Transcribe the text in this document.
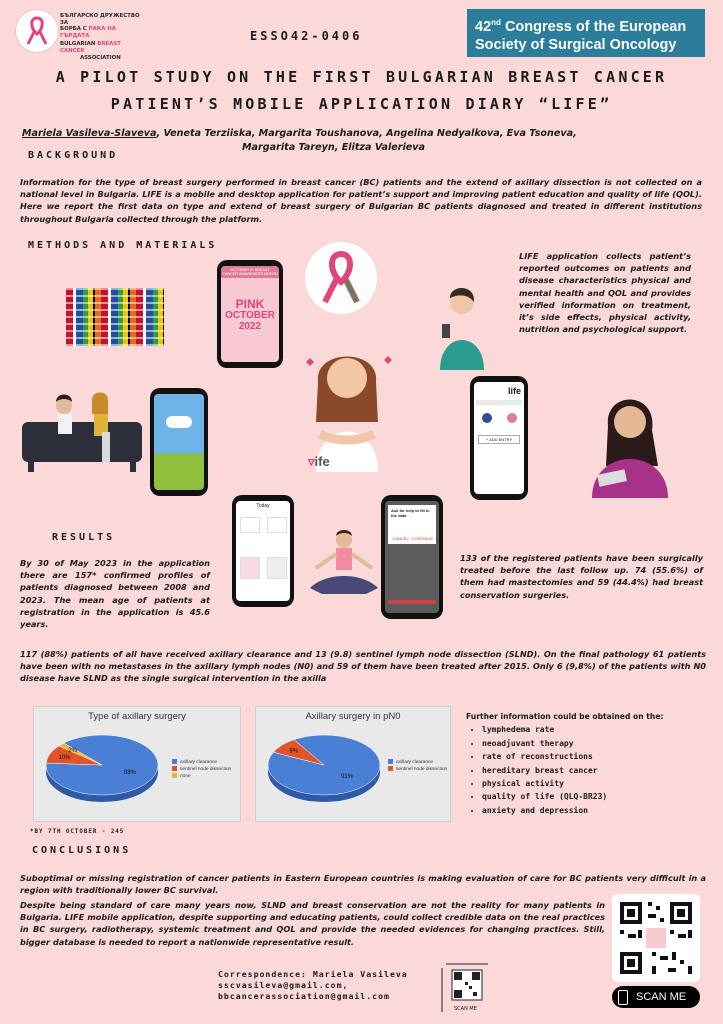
БЪЛГАРСКО ДРУЖЕСТВО ЗА
БОРБА С РАКА НА ГЪРДАТА
BULGARIAN BREAST CANCER
ASSOCIATION
ESSO42-0406
42nd Congress of the European
Society of Surgical Oncology
A PILOT STUDY ON THE FIRST BULGARIAN BREAST CANCER
PATIENT’S MOBILE APPLICATION DIARY “LIFE”
Mariela Vasileva-Slaveva, Veneta Terziiska, Margarita Toushanova, Angelina Nedyalkova, Eva Tsoneva,
Margarita Tareyn, Elitza Valerieva
BACKGROUND
Information for the type of breast surgery performed in breast cancer (BC) patients and the extend of axillary dissection is not collected on a national level in Bulgaria. LIFE is a mobile and desktop application for patient’s support and improving patient education and quality of life (QOL). Here we report the first data on type and extend of breast surgery of Bulgarian BC patients diagnosed and treated in different institutions throughout Bulgaria collected through the platform.
METHODS AND MATERIALS
OCTOBER IS BREAST CANCER AWARENESS MONTH
PINK
OCTOBER
2022
LIFE application collects patient’s reported outcomes on patients and disease characteristics physical and mental health and QOL and provides verified information on treatment, it’s side effects, physical activity, nutrition and psychological support.
▿ife
life
+ ADD ENTRY
Today
Ask for help to fill in the data
CANCEL · CONTINUE
RESULTS
By 30 of May 2023 in the application there are 157* confirmed profiles of patients diagnosed between 2008 and 2023. The mean age of patients at registration in the application is 45.6 years.
133 of the registered patients have been surgically treated before the last follow up. 74 (55.6%) of them had mastectomies and 59 (44.4%) had breast conservation surgeries.
117 (88%) patients of all have received axillary clearance and 13 (9.8) sentinel lymph node dissection (SLND). On the final pathology 61 patients have been with no metastases in the axillary lymph nodes (N0) and 59 of them have been treated after 2015. Only 6 (9,8%) of the patients with N0 disease have SLND as the single surgical intervention in the axilla
Type of axillary surgery
88%
10%
2%
axillary clearance
sentinel node dissection
none
Axillary surgery in pN0
91%
9%
axillary clearance
sentinel node dissection
Further information could be obtained on the:
• lymphedema rate
• neoadjuvant therapy
• rate of reconstructions
• hereditary breast cancer
• physical activity
• quality of life (QLQ-BR23)
• anxiety and depression
*BY 7TH OCTOBER - 245
CONCLUSIONS
Suboptimal or missing registration of cancer patients in Eastern European countries is making evaluation of care for BC patients very difficult in a region with traditionally lower BC survival.
Despite being standard of care many years now, SLND and breast conservation are not the reality for many patients in Bulgaria. LIFE mobile application, despite supporting and educating patients, could collect credible data on the real practices in BC surgery, radiotherapy, systemic treatment and QOL and provide the needed evidences for changing practices. Still, bigger database is needed to report a nationwide representative result.
Correspondence: Mariela Vasileva
sscvasileva@gmail.com,
bbcancerassociation@gmail.com
SCAN ME
SCAN ME
